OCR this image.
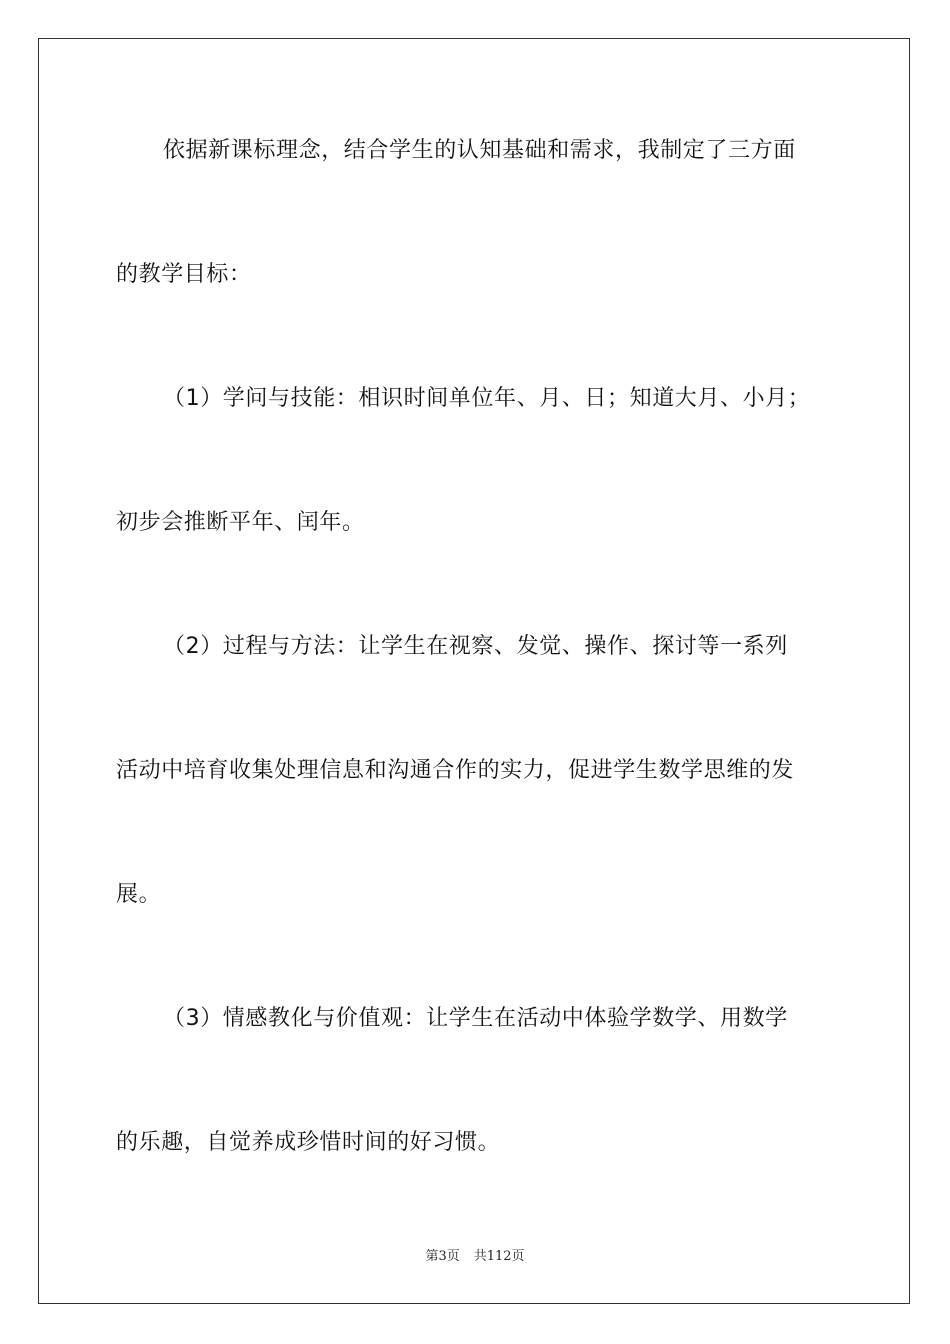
依据新课标理念，结合学生的认知基础和需求，我制定了三方面
的教学目标：
（1）学问与技能：相识时间单位年、月、日；知道大月、小月；
初步会推断平年、闰年。
（2）过程与方法：让学生在视察、发觉、操作、探讨等一系列
活动中培育收集处理信息和沟通合作的实力，促进学生数学思维的发
展。
（3）情感教化与价值观：让学生在活动中体验学数学、用数学
的乐趣，自觉养成珍惜时间的好习惯。
第3页 共112页
